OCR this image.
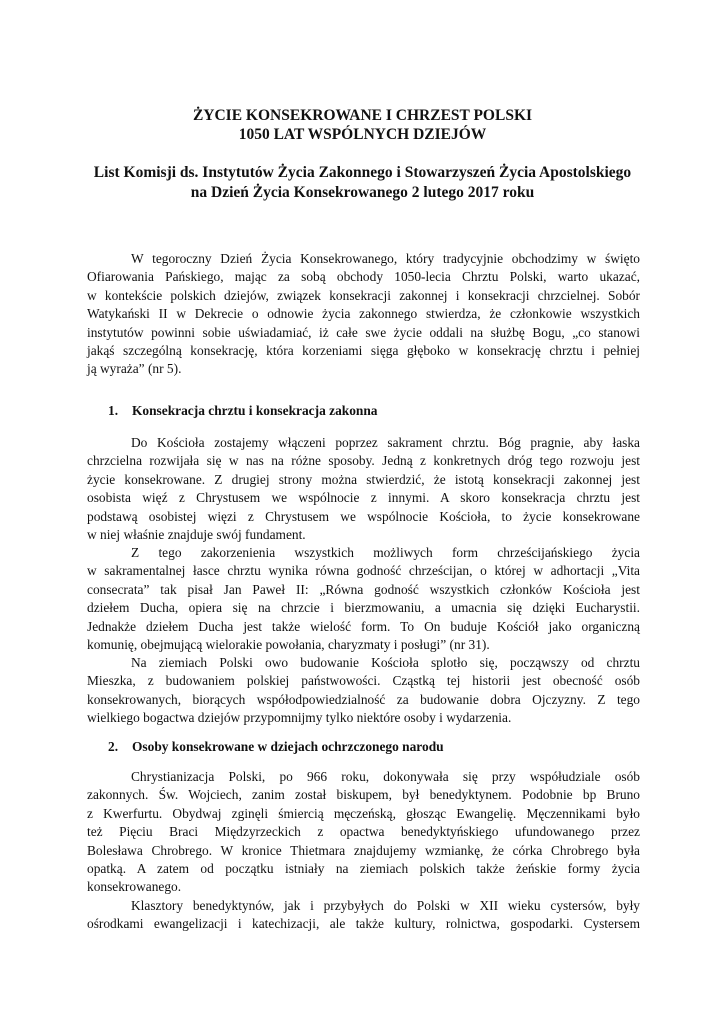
ŻYCIE KONSEKROWANE I CHRZEST POLSKI
1050 LAT WSPÓLNYCH DZIEJÓW
List Komisji ds. Instytutów Życia Zakonnego i Stowarzyszeń Życia Apostolskiego
na Dzień Życia Konsekrowanego 2 lutego 2017 roku
W tegoroczny Dzień Życia Konsekrowanego, który tradycyjnie obchodzimy w święto
Ofiarowania Pańskiego, mając za sobą obchody 1050-lecia Chrztu Polski, warto ukazać,
w kontekście polskich dziejów, związek konsekracji zakonnej i konsekracji chrzcielnej. Sobór
Watykański II w Dekrecie o odnowie życia zakonnego stwierdza, że członkowie wszystkich
instytutów powinni sobie uświadamiać, iż całe swe życie oddali na służbę Bogu, „co stanowi
jakąś szczególną konsekrację, która korzeniami sięga głęboko w konsekrację chrztu i pełniej
ją wyraża” (nr 5).
1. Konsekracja chrztu i konsekracja zakonna
Do Kościoła zostajemy włączeni poprzez sakrament chrztu. Bóg pragnie, aby łaska
chrzcielna rozwijała się w nas na różne sposoby. Jedną z konkretnych dróg tego rozwoju jest
życie konsekrowane. Z drugiej strony można stwierdzić, że istotą konsekracji zakonnej jest
osobista więź z Chrystusem we wspólnocie z innymi. A skoro konsekracja chrztu jest
podstawą osobistej więzi z Chrystusem we wspólnocie Kościoła, to życie konsekrowane
w niej właśnie znajduje swój fundament.
Z tego zakorzenienia wszystkich możliwych form chrześcijańskiego życia
w sakramentalnej łasce chrztu wynika równa godność chrześcijan, o której w adhortacji „Vita
consecrata” tak pisał Jan Paweł II: „Równa godność wszystkich członków Kościoła jest
dziełem Ducha, opiera się na chrzcie i bierzmowaniu, a umacnia się dzięki Eucharystii.
Jednakże dziełem Ducha jest także wielość form. To On buduje Kościół jako organiczną
komunię, obejmującą wielorakie powołania, charyzmaty i posługi” (nr 31).
Na ziemiach Polski owo budowanie Kościoła splotło się, począwszy od chrztu
Mieszka, z budowaniem polskiej państwowości. Cząstką tej historii jest obecność osób
konsekrowanych, biorących współodpowiedzialność za budowanie dobra Ojczyzny. Z tego
wielkiego bogactwa dziejów przypomnijmy tylko niektóre osoby i wydarzenia.
2. Osoby konsekrowane w dziejach ochrzczonego narodu
Chrystianizacja Polski, po 966 roku, dokonywała się przy współudziale osób
zakonnych. Św. Wojciech, zanim został biskupem, był benedyktynem. Podobnie bp Bruno
z Kwerfurtu. Obydwaj zginęli śmiercią męczeńską, głosząc Ewangelię. Męczennikami było
też Pięciu Braci Międzyrzeckich z opactwa benedyktyńskiego ufundowanego przez
Bolesława Chrobrego. W kronice Thietmara znajdujemy wzmiankę, że córka Chrobrego była
opatką. A zatem od początku istniały na ziemiach polskich także żeńskie formy życia
konsekrowanego.
Klasztory benedyktynów, jak i przybyłych do Polski w XII wieku cystersów, były
ośrodkami ewangelizacji i katechizacji, ale także kultury, rolnictwa, gospodarki. Cystersem
